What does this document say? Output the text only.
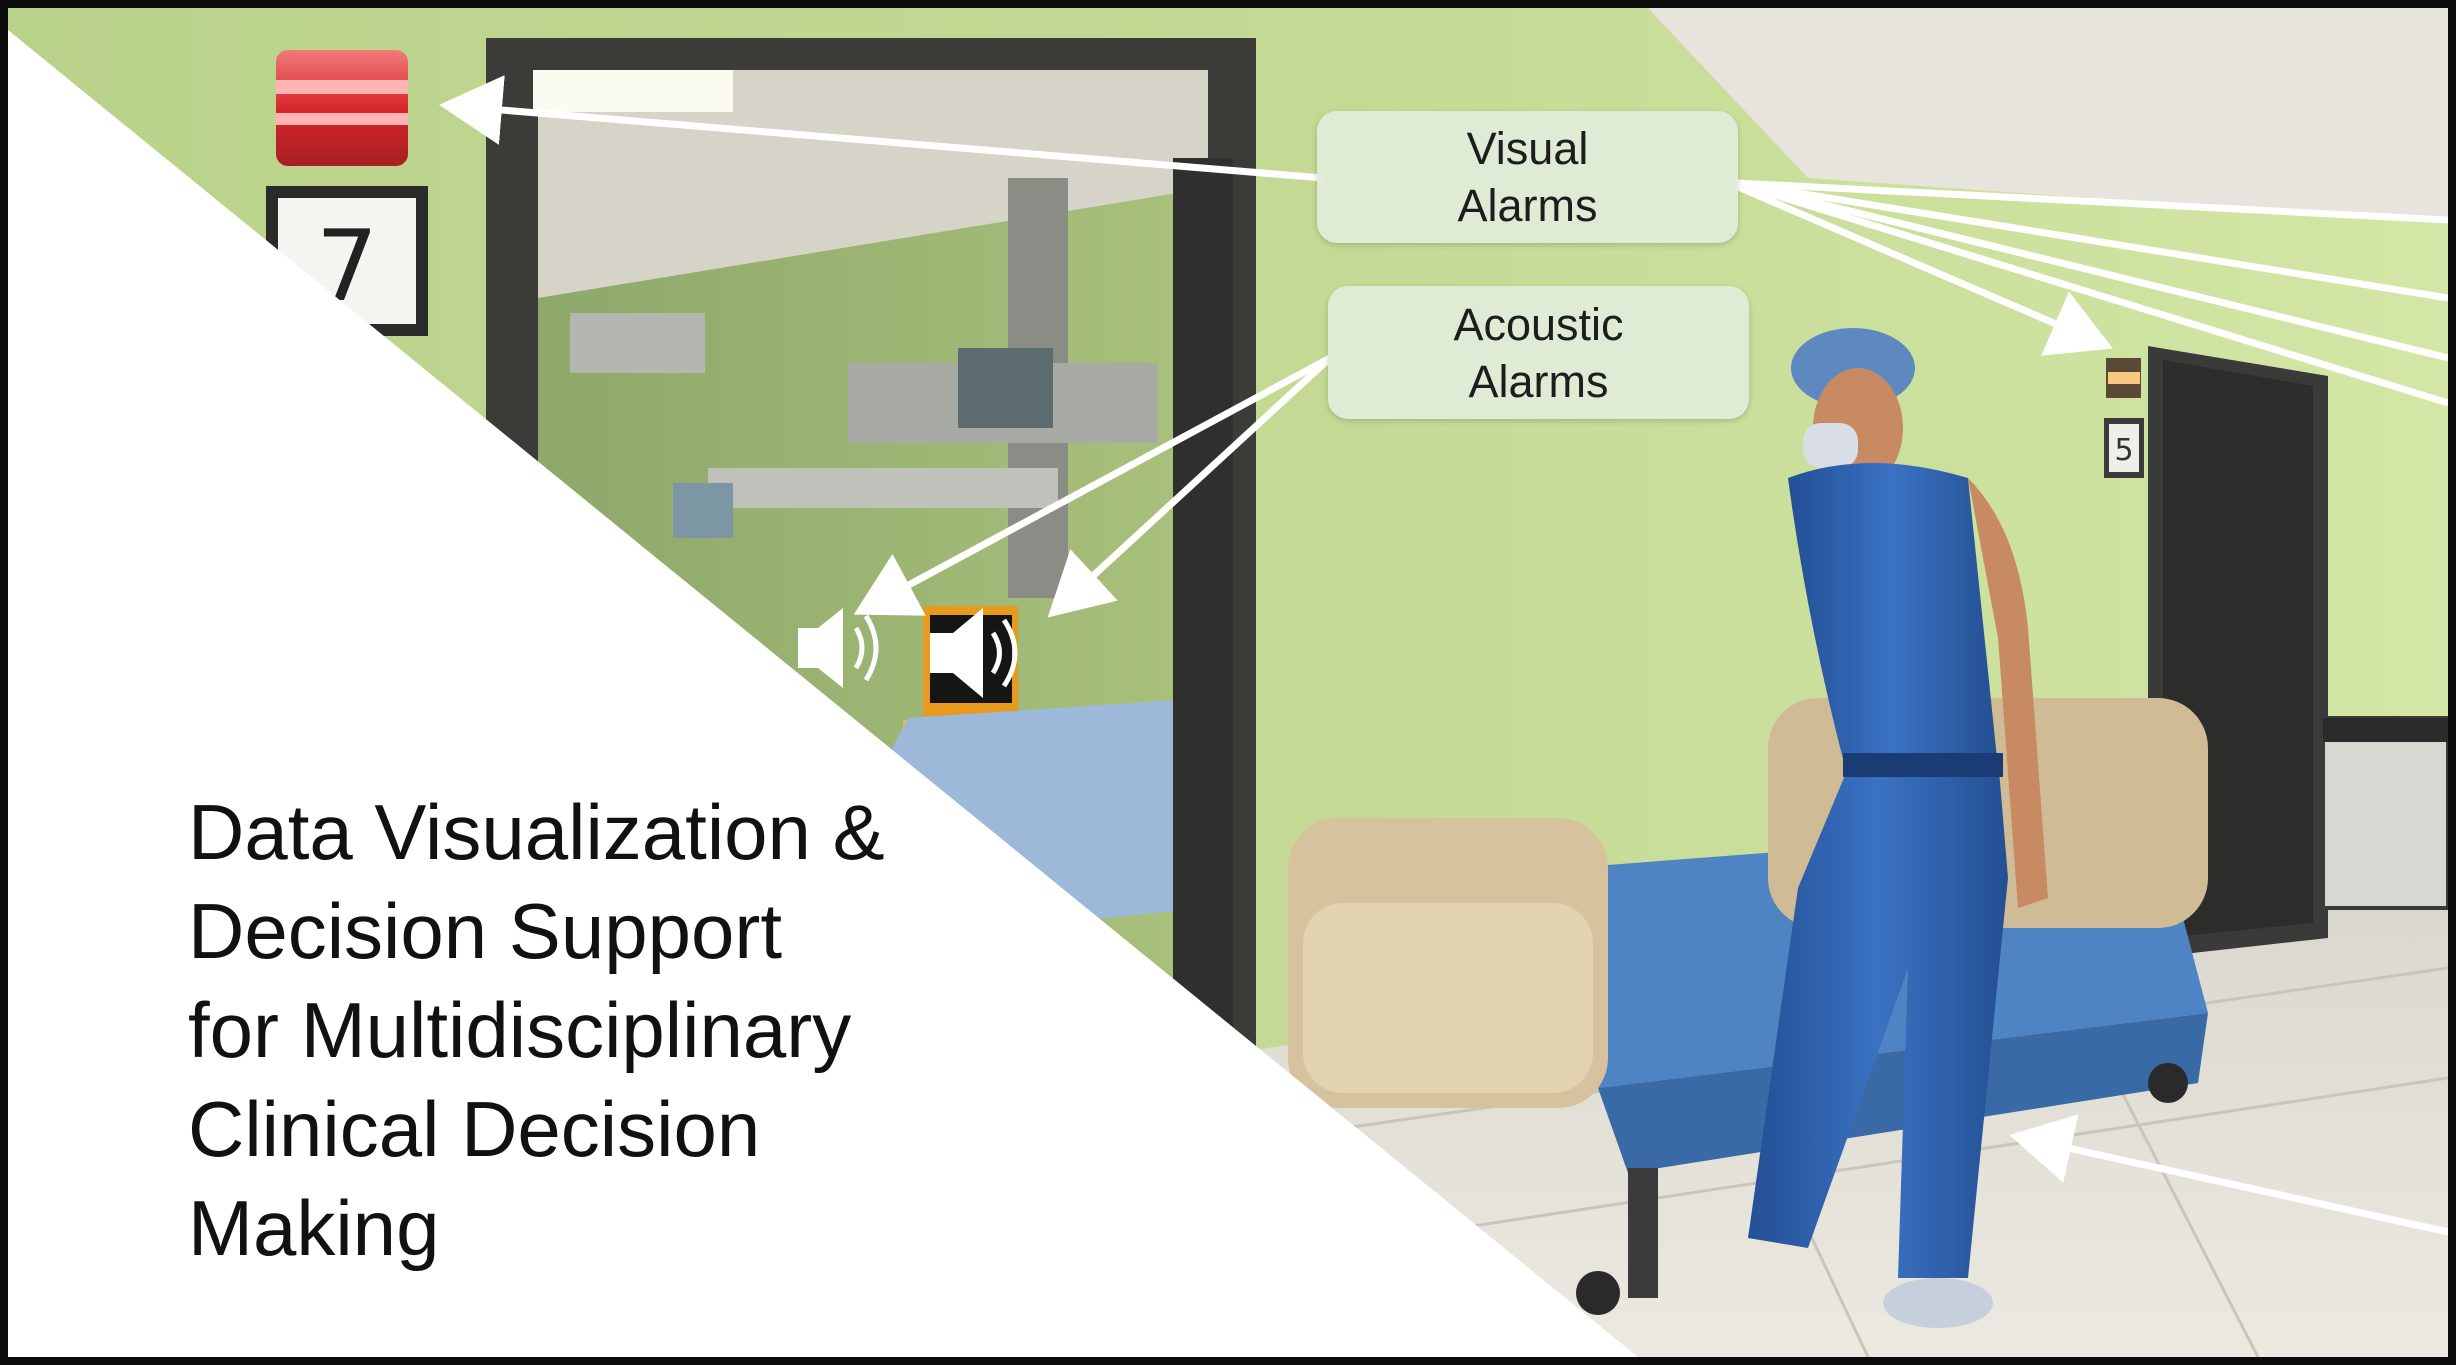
7
5
Visual
Alarms
Acoustic
Alarms
Data Visualization &
Decision Support
for Multidisciplinary
Clinical Decision
Making
